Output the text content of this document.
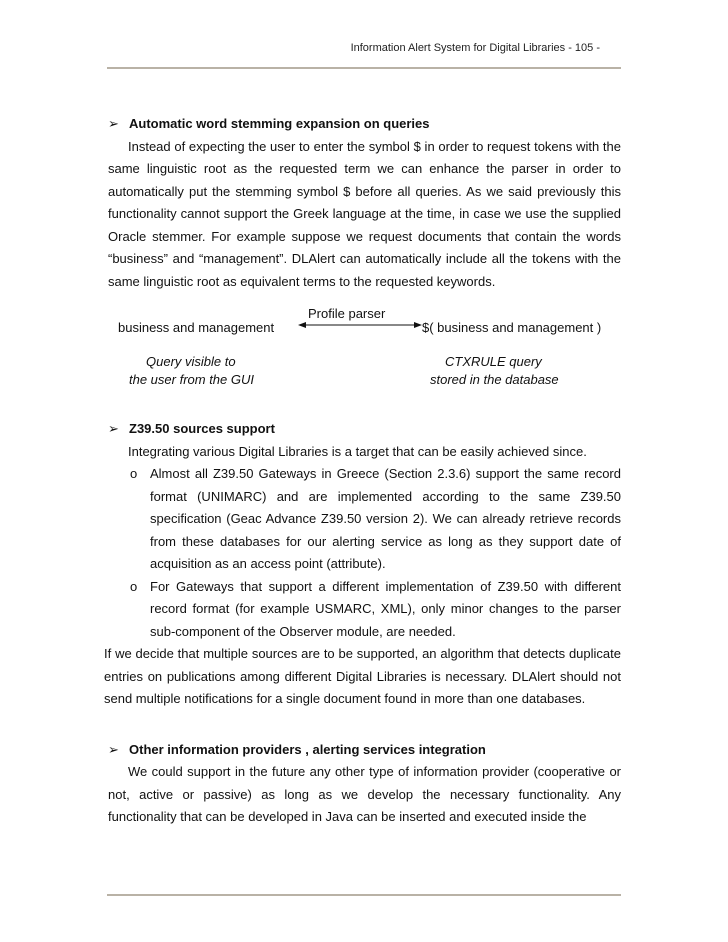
Information Alert System for Digital Libraries - 105 -
➢ Automatic word stemming expansion on queries

Instead of expecting the user to enter the symbol $ in order to request tokens with the same linguistic root as the requested term we can enhance the parser in order to automatically put the stemming symbol $ before all queries. As we said previously this functionality cannot support the Greek language at the time, in case we use the supplied Oracle stemmer. For example suppose we request documents that contain the words “business” and “management”. DLAlert can automatically include all the tokens with the same linguistic root as equivalent terms to the requested keywords.

Profile parser
business and management	$( business and management )
Query visible to
the user from the GUI
CTXRULE query
stored in the database
➢ Z39.50 sources support

Integrating various Digital Libraries is a target that can be easily achieved since.

o Almost all Z39.50 Gateways in Greece (Section 2.3.6) support the same record format (UNIMARC) and are implemented according to the same Z39.50 specification (Geac Advance Z39.50 version 2). We can already retrieve records from these databases for our alerting service as long as they support date of acquisition as an access point (attribute).
o For Gateways that support a different implementation of Z39.50 with different record format (for example USMARC, XML), only minor changes to the parser sub-component of the Observer module, are needed.

If we decide that multiple sources are to be supported, an algorithm that detects duplicate entries on publications among different Digital Libraries is necessary. DLAlert should not send multiple notifications for a single document found in more than one databases.

➢ Other information providers , alerting services integration

We could support in the future any other type of information provider (cooperative or not, active or passive) as long as we develop the necessary functionality. Any functionality that can be developed in Java can be inserted and executed inside the
